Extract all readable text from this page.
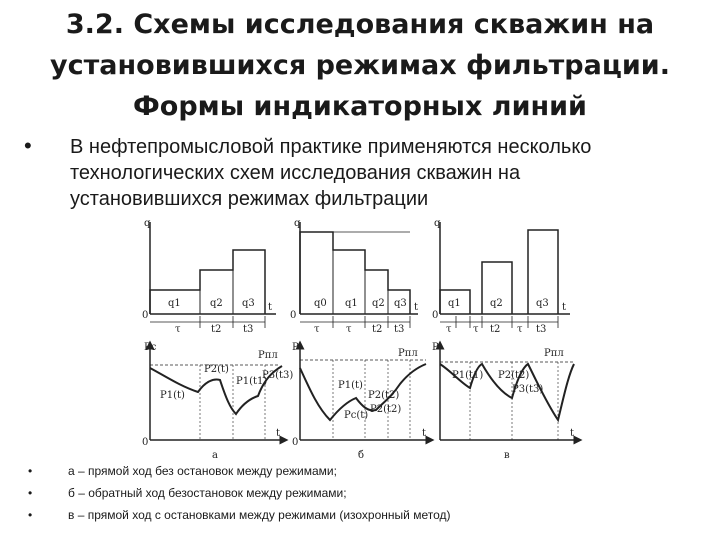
3.2. Схемы исследования скважин на
установившихся режимах фильтрации.
Формы индикаторных линий
• В нефтепромысловой практике применяются несколько
технологических схем исследования скважин на
установившихся режимах фильтрации
q
0
t
q1	q2 q3
τ	t2 t3
Pc
0
t
Pпл
P1(t1)
P1(t)
P2(t)
P3(t3)
а
q
0
t
q0 q1 q2 q3
τ	τ t2 t3
P
0
t
Pпл
P1(t)
P2(t2)
Pc(t)
P2(t2)
б
q
0
t
q1	q2	q3
τ τ t2 τ t3
P
t
Pпл
P1(t1) P2(t2)
P3(t3)
в
•	а – прямой ход без остановок между режимами;
•	б – обратный ход безостановок между режимами;
•	в – прямой ход с остановками между режимами (изохронный метод)
